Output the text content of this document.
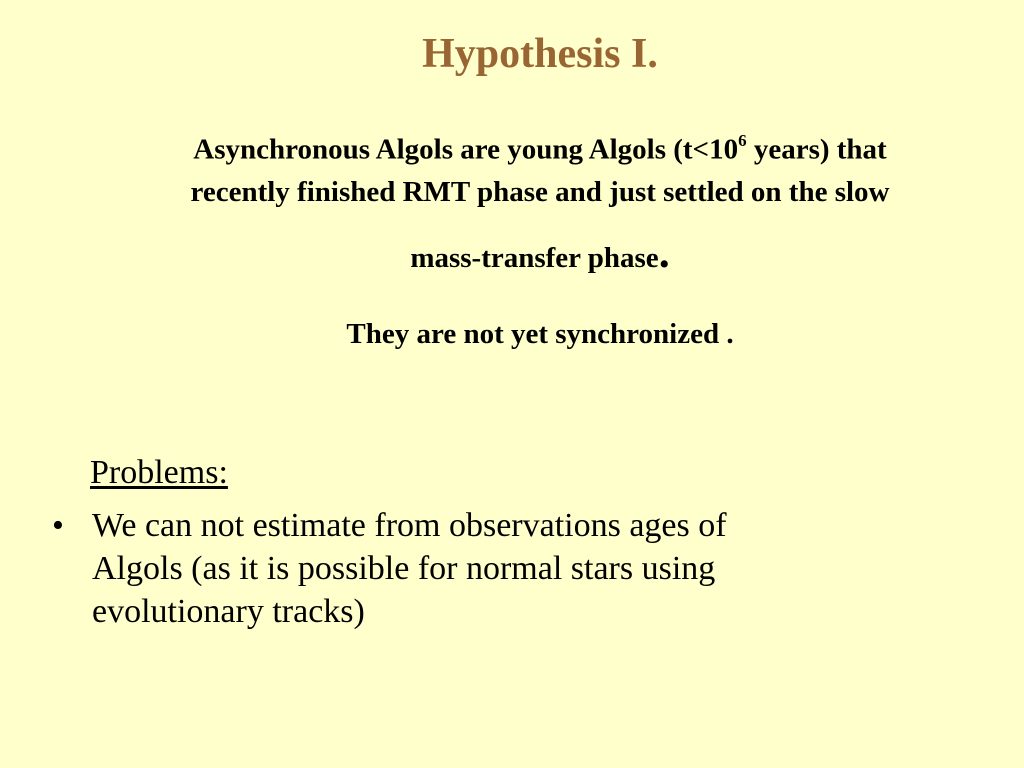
Hypothesis I.
Asynchronous Algols are young Algols ($t<10^6$ years) that
recently finished RMT phase and just settled on the slow
mass-transfer phase.
They are not yet synchronized .
Problems:
• We can not estimate from observations ages of
Algols (as it is possible for normal stars using
evolutionary tracks)
